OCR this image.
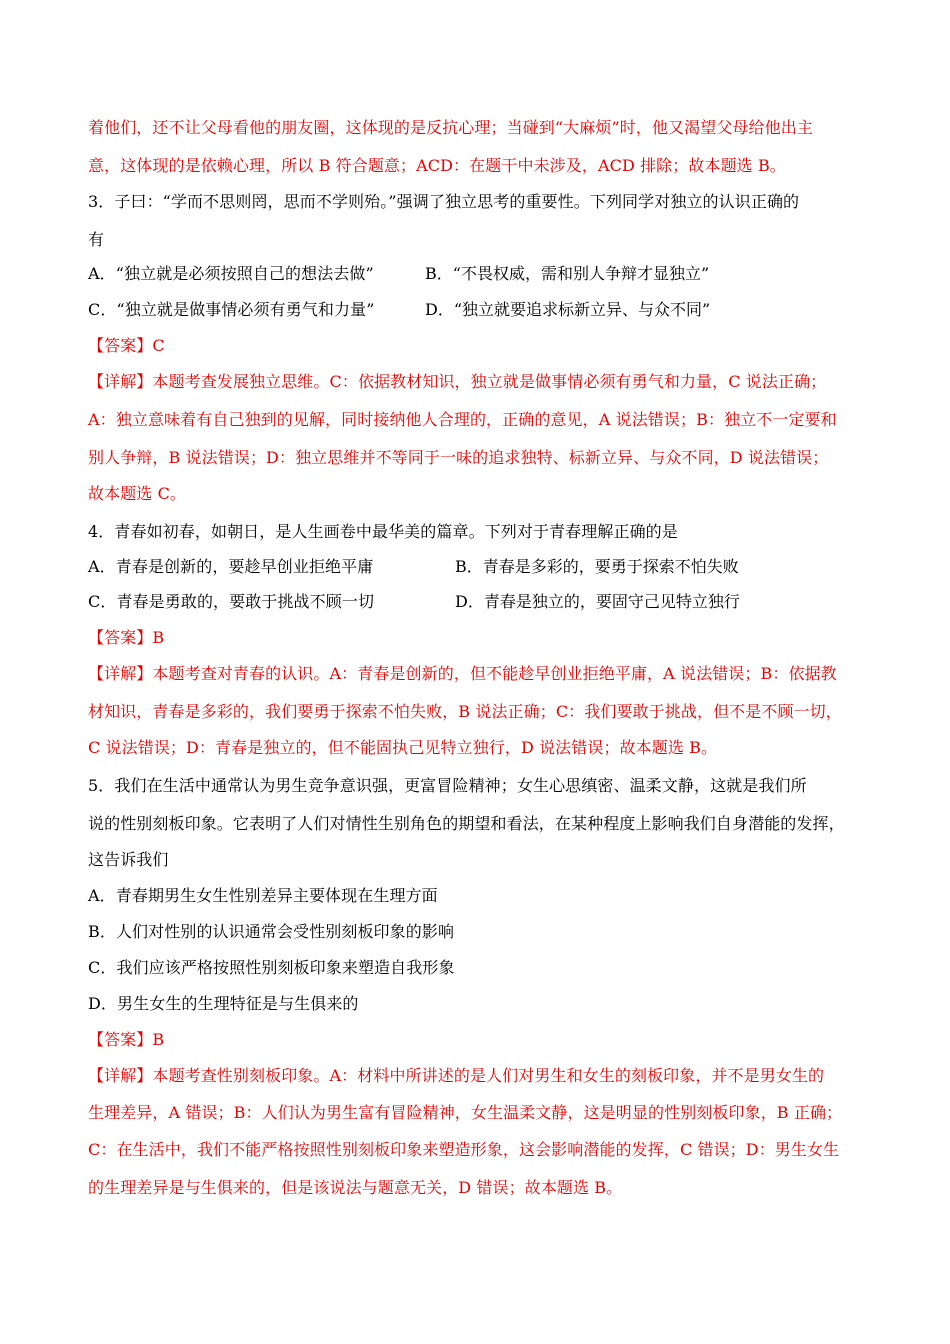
着他们，还不让父母看他的朋友圈，这体现的是反抗心理；当碰到“大麻烦”时，他又渴望父母给他出主
意，这体现的是依赖心理，所以 B 符合题意；ACD：在题干中未涉及，ACD 排除；故本题选 B。
3．子曰：“学而不思则罔，思而不学则殆。”强调了独立思考的重要性。下列同学对独立的认识正确的
有
A．“独立就是必须按照自己的想法去做”	B．“不畏权威，需和别人争辩才显独立”
C．“独立就是做事情必须有勇气和力量”	D．“独立就要追求标新立异、与众不同”
【答案】C
【详解】本题考查发展独立思维。C：依据教材知识，独立就是做事情必须有勇气和力量，C 说法正确；
A：独立意味着有自己独到的见解，同时接纳他人合理的，正确的意见，A 说法错误；B：独立不一定要和
别人争辩，B 说法错误；D：独立思维并不等同于一味的追求独特、标新立异、与众不同，D 说法错误；
故本题选 C。
4．青春如初春，如朝日，是人生画卷中最华美的篇章。下列对于青春理解正确的是
A．青春是创新的，要趁早创业拒绝平庸	B．青春是多彩的，要勇于探索不怕失败
C．青春是勇敢的，要敢于挑战不顾一切	D．青春是独立的，要固守己见特立独行
【答案】B
【详解】本题考查对青春的认识。A：青春是创新的，但不能趁早创业拒绝平庸，A 说法错误；B：依据教
材知识，青春是多彩的，我们要勇于探索不怕失败，B 说法正确；C：我们要敢于挑战，但不是不顾一切，
C 说法错误；D：青春是独立的，但不能固执己见特立独行，D 说法错误；故本题选 B。
5．我们在生活中通常认为男生竞争意识强，更富冒险精神；女生心思缜密、温柔文静，这就是我们所
说的性别刻板印象。它表明了人们对情性生别角色的期望和看法，在某种程度上影响我们自身潜能的发挥，
这告诉我们
A．青春期男生女生性别差异主要体现在生理方面
B．人们对性别的认识通常会受性别刻板印象的影响
C．我们应该严格按照性别刻板印象来塑造自我形象
D．男生女生的生理特征是与生俱来的
【答案】B
【详解】本题考查性别刻板印象。A：材料中所讲述的是人们对男生和女生的刻板印象，并不是男女生的
生理差异，A 错误；B：人们认为男生富有冒险精神，女生温柔文静，这是明显的性别刻板印象，B 正确；
C：在生活中，我们不能严格按照性别刻板印象来塑造形象，这会影响潜能的发挥，C 错误；D：男生女生
的生理差异是与生俱来的，但是该说法与题意无关，D 错误；故本题选 B。
